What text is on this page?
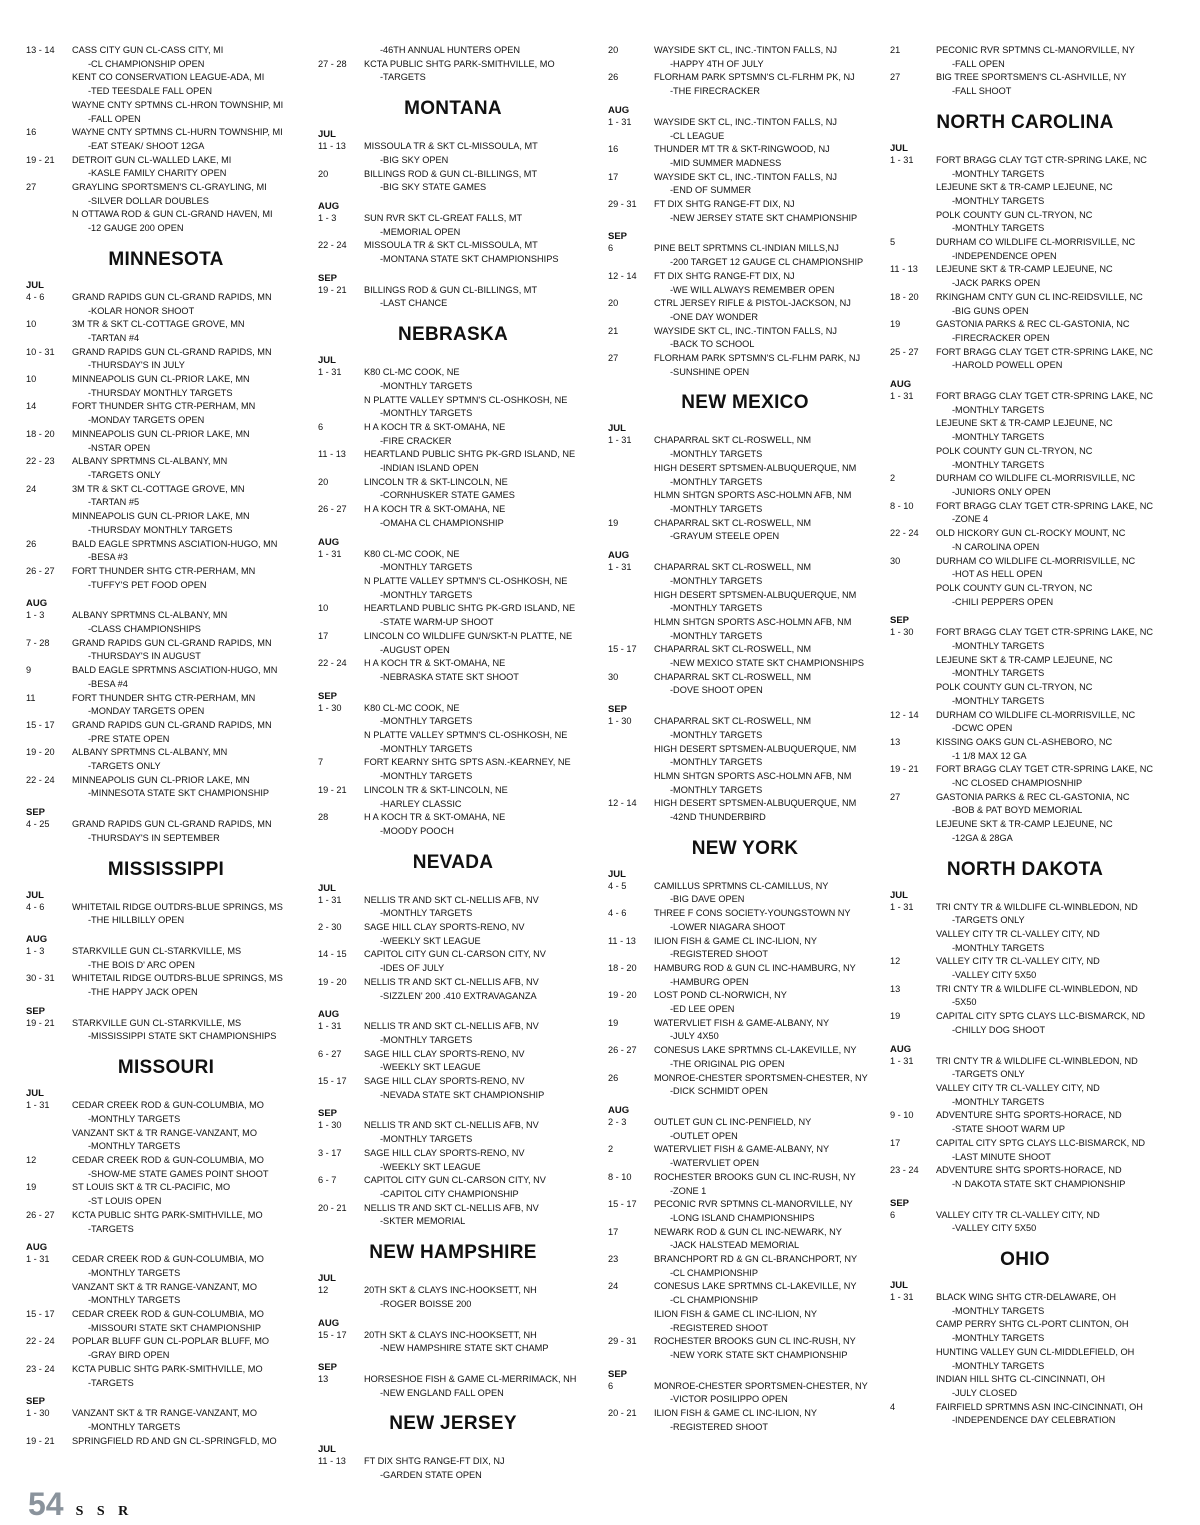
13 - 14	CASS CITY GUN CL-CASS CITY, MI
-CL CHAMPIONSHIP OPEN
KENT CO CONSERVATION LEAGUE-ADA, MI
-TED TEESDALE FALL OPEN
WAYNE CNTY SPTMNS CL-HRON TOWNSHIP, MI
-FALL OPEN
16	WAYNE CNTY SPTMNS CL-HURN TOWNSHIP, MI
-EAT STEAK/ SHOOT 12GA
19 - 21	DETROIT GUN CL-WALLED LAKE, MI
-KASLE FAMILY CHARITY OPEN
27	GRAYLING SPORTSMEN'S CL-GRAYLING, MI
-SILVER DOLLAR DOUBLES
N OTTAWA ROD & GUN CL-GRAND HAVEN, MI
-12 GAUGE 200 OPEN
MINNESOTA
JUL
4 - 6	GRAND RAPIDS GUN CL-GRAND RAPIDS, MN
-KOLAR HONOR SHOOT
10	3M TR & SKT CL-COTTAGE GROVE, MN
-TARTAN #4
10 - 31	GRAND RAPIDS GUN CL-GRAND RAPIDS, MN
-THURSDAY'S IN JULY
10	MINNEAPOLIS GUN CL-PRIOR LAKE, MN
-THURSDAY MONTHLY TARGETS
14	FORT THUNDER SHTG CTR-PERHAM, MN
-MONDAY TARGETS OPEN
18 - 20	MINNEAPOLIS GUN CL-PRIOR LAKE, MN
-NSTAR OPEN
22 - 23	ALBANY SPRTMNS CL-ALBANY, MN
-TARGETS ONLY
24	3M TR & SKT CL-COTTAGE GROVE, MN
-TARTAN #5
MINNEAPOLIS GUN CL-PRIOR LAKE, MN
-THURSDAY MONTHLY TARGETS
26	BALD EAGLE SPRTMNS ASCIATION-HUGO, MN
-BESA #3
26 - 27	FORT THUNDER SHTG CTR-PERHAM, MN
-TUFFY'S PET FOOD OPEN
AUG
1 - 3	ALBANY SPRTMNS CL-ALBANY, MN
-CLASS CHAMPIONSHIPS
7 - 28	GRAND RAPIDS GUN CL-GRAND RAPIDS, MN
-THURSDAY'S IN AUGUST
9	BALD EAGLE SPRTMNS ASCIATION-HUGO, MN
-BESA #4
11	FORT THUNDER SHTG CTR-PERHAM, MN
-MONDAY TARGETS OPEN
15 - 17	GRAND RAPIDS GUN CL-GRAND RAPIDS, MN
-PRE STATE OPEN
19 - 20	ALBANY SPRTMNS CL-ALBANY, MN
-TARGETS ONLY
22 - 24	MINNEAPOLIS GUN CL-PRIOR LAKE, MN
-MINNESOTA STATE SKT CHAMPIONSHIP
SEP
4 - 25	GRAND RAPIDS GUN CL-GRAND RAPIDS, MN
-THURSDAY'S IN SEPTEMBER
MISSISSIPPI
JUL
4 - 6	WHITETAIL RIDGE OUTDRS-BLUE SPRINGS, MS
-THE HILLBILLY OPEN
AUG
1 - 3	STARKVILLE GUN CL-STARKVILLE, MS
-THE BOIS D' ARC OPEN
30 - 31	WHITETAIL RIDGE OUTDRS-BLUE SPRINGS, MS
-THE HAPPY JACK OPEN
SEP
19 - 21	STARKVILLE GUN CL-STARKVILLE, MS
-MISSISSIPPI STATE SKT CHAMPIONSHIPS
MISSOURI
JUL
1 - 31	CEDAR CREEK ROD & GUN-COLUMBIA, MO
-MONTHLY TARGETS
VANZANT SKT & TR RANGE-VANZANT, MO
-MONTHLY TARGETS
12	CEDAR CREEK ROD & GUN-COLUMBIA, MO
-SHOW-ME STATE GAMES POINT SHOOT
19	ST LOUIS SKT & TR CL-PACIFIC, MO
-ST LOUIS OPEN
26 - 27	KCTA PUBLIC SHTG PARK-SMITHVILLE, MO
-TARGETS
AUG
1 - 31	CEDAR CREEK ROD & GUN-COLUMBIA, MO
-MONTHLY TARGETS
VANZANT SKT & TR RANGE-VANZANT, MO
-MONTHLY TARGETS
15 - 17	CEDAR CREEK ROD & GUN-COLUMBIA, MO
-MISSOURI STATE SKT CHAMPIONSHIP
22 - 24	POPLAR BLUFF GUN CL-POPLAR BLUFF, MO
-GRAY BIRD OPEN
23 - 24	KCTA PUBLIC SHTG PARK-SMITHVILLE, MO
-TARGETS
SEP
1 - 30	VANZANT SKT & TR RANGE-VANZANT, MO
-MONTHLY TARGETS
19 - 21	SPRINGFIELD RD AND GN CL-SPRINGFLD, MO
-46TH ANNUAL HUNTERS OPEN
27 - 28	KCTA PUBLIC SHTG PARK-SMITHVILLE, MO
-TARGETS
MONTANA
JUL
11 - 13	MISSOULA TR & SKT CL-MISSOULA, MT
-BIG SKY OPEN
20	BILLINGS ROD & GUN CL-BILLINGS, MT
-BIG SKY STATE GAMES
AUG
1 - 3	SUN RVR SKT CL-GREAT FALLS, MT
-MEMORIAL OPEN
22 - 24	MISSOULA TR & SKT CL-MISSOULA, MT
-MONTANA STATE SKT CHAMPIONSHIPS
SEP
19 - 21	BILLINGS ROD & GUN CL-BILLINGS, MT
-LAST CHANCE
NEBRASKA
JUL
1 - 31	K80 CL-MC COOK, NE
-MONTHLY TARGETS
N PLATTE VALLEY SPTMN'S CL-OSHKOSH, NE
-MONTHLY TARGETS
6	H A KOCH TR & SKT-OMAHA, NE
-FIRE CRACKER
11 - 13	HEARTLAND PUBLIC SHTG PK-GRD ISLAND, NE
-INDIAN ISLAND OPEN
20	LINCOLN TR & SKT-LINCOLN, NE
-CORNHUSKER STATE GAMES
26 - 27	H A KOCH TR & SKT-OMAHA, NE
-OMAHA CL CHAMPIONSHIP
AUG
1 - 31	K80 CL-MC COOK, NE
-MONTHLY TARGETS
N PLATTE VALLEY SPTMN'S CL-OSHKOSH, NE
-MONTHLY TARGETS
10	HEARTLAND PUBLIC SHTG PK-GRD ISLAND, NE
-STATE WARM-UP SHOOT
17	LINCOLN CO WILDLIFE GUN/SKT-N PLATTE, NE
-AUGUST OPEN
22 - 24	H A KOCH TR & SKT-OMAHA, NE
-NEBRASKA STATE SKT SHOOT
SEP
1 - 30	K80 CL-MC COOK, NE
-MONTHLY TARGETS
N PLATTE VALLEY SPTMN'S CL-OSHKOSH, NE
-MONTHLY TARGETS
7	FORT KEARNY SHTG SPTS ASN.-KEARNEY, NE
-MONTHLY TARGETS
19 - 21	LINCOLN TR & SKT-LINCOLN, NE
-HARLEY CLASSIC
28	H A KOCH TR & SKT-OMAHA, NE
-MOODY POOCH
NEVADA
JUL
1 - 31	NELLIS TR AND SKT CL-NELLIS AFB, NV
-MONTHLY TARGETS
2 - 30	SAGE HILL CLAY SPORTS-RENO, NV
-WEEKLY SKT LEAGUE
14 - 15	CAPITOL CITY GUN CL-CARSON CITY, NV
-IDES OF JULY
19 - 20	NELLIS TR AND SKT CL-NELLIS AFB, NV
-SIZZLEN' 200 .410 EXTRAVAGANZA
AUG
1 - 31	NELLIS TR AND SKT CL-NELLIS AFB, NV
-MONTHLY TARGETS
6 - 27	SAGE HILL CLAY SPORTS-RENO, NV
-WEEKLY SKT LEAGUE
15 - 17	SAGE HILL CLAY SPORTS-RENO, NV
-NEVADA STATE SKT CHAMPIONSHIP
SEP
1 - 30	NELLIS TR AND SKT CL-NELLIS AFB, NV
-MONTHLY TARGETS
3 - 17	SAGE HILL CLAY SPORTS-RENO, NV
-WEEKLY SKT LEAGUE
6 - 7	CAPITOL CITY GUN CL-CARSON CITY, NV
-CAPITOL CITY CHAMPIONSHIP
20 - 21	NELLIS TR AND SKT CL-NELLIS AFB, NV
-SKTER MEMORIAL
NEW HAMPSHIRE
JUL
12	20TH SKT & CLAYS INC-HOOKSETT, NH
-ROGER BOISSE 200
AUG
15 - 17	20TH SKT & CLAYS INC-HOOKSETT, NH
-NEW HAMPSHIRE STATE SKT CHAMP
SEP
13	HORSESHOE FISH & GAME CL-MERRIMACK, NH
-NEW ENGLAND FALL OPEN
NEW JERSEY
JUL
11 - 13	FT DIX SHTG RANGE-FT DIX, NJ
-GARDEN STATE OPEN
20	WAYSIDE SKT CL, INC.-TINTON FALLS, NJ
-HAPPY 4TH OF JULY
26	FLORHAM PARK SPTSMN'S CL-FLRHM PK, NJ
-THE FIRECRACKER
AUG
1 - 31	WAYSIDE SKT CL, INC.-TINTON FALLS, NJ
-CL LEAGUE
16	THUNDER MT TR & SKT-RINGWOOD, NJ
-MID SUMMER MADNESS
17	WAYSIDE SKT CL, INC.-TINTON FALLS, NJ
-END OF SUMMER
29 - 31	FT DIX SHTG RANGE-FT DIX, NJ
-NEW JERSEY STATE SKT CHAMPIONSHIP
SEP
6	PINE BELT SPRTMNS CL-INDIAN MILLS,NJ
-200 TARGET 12 GAUGE CL CHAMPIONSHIP
12 - 14	FT DIX SHTG RANGE-FT DIX, NJ
-WE WILL ALWAYS REMEMBER OPEN
20	CTRL JERSEY RIFLE & PISTOL-JACKSON, NJ
-ONE DAY WONDER
21	WAYSIDE SKT CL, INC.-TINTON FALLS, NJ
-BACK TO SCHOOL
27	FLORHAM PARK SPTSMN'S CL-FLHM PARK, NJ
-SUNSHINE OPEN
NEW MEXICO
JUL
1 - 31	CHAPARRAL SKT CL-ROSWELL, NM
-MONTHLY TARGETS
HIGH DESERT SPTSMEN-ALBUQUERQUE, NM
-MONTHLY TARGETS
HLMN SHTGN SPORTS ASC-HOLMN AFB, NM
-MONTHLY TARGETS
19	CHAPARRAL SKT CL-ROSWELL, NM
-GRAYUM STEELE OPEN
AUG
1 - 31	CHAPARRAL SKT CL-ROSWELL, NM
-MONTHLY TARGETS
HIGH DESERT SPTSMEN-ALBUQUERQUE, NM
-MONTHLY TARGETS
HLMN SHTGN SPORTS ASC-HOLMN AFB, NM
-MONTHLY TARGETS
15 - 17	CHAPARRAL SKT CL-ROSWELL, NM
-NEW MEXICO STATE SKT CHAMPIONSHIPS
30	CHAPARRAL SKT CL-ROSWELL, NM
-DOVE SHOOT OPEN
SEP
1 - 30	CHAPARRAL SKT CL-ROSWELL, NM
-MONTHLY TARGETS
HIGH DESERT SPTSMEN-ALBUQUERQUE, NM
-MONTHLY TARGETS
HLMN SHTGN SPORTS ASC-HOLMN AFB, NM
-MONTHLY TARGETS
12 - 14	HIGH DESERT SPTSMEN-ALBUQUERQUE, NM
-42ND THUNDERBIRD
NEW YORK
JUL
4 - 5	CAMILLUS SPRTMNS CL-CAMILLUS, NY
-BIG DAVE OPEN
4 - 6	THREE F CONS SOCIETY-YOUNGSTOWN NY
-LOWER NIAGARA SHOOT
11 - 13	ILION FISH & GAME CL INC-ILION, NY
-REGISTERED SHOOT
18 - 20	HAMBURG ROD & GUN CL INC-HAMBURG, NY
-HAMBURG OPEN
19 - 20	LOST POND CL-NORWICH, NY
-ED LEE OPEN
19	WATERVLIET FISH & GAME-ALBANY, NY
-JULY 4X50
26 - 27	CONESUS LAKE SPRTMNS CL-LAKEVILLE, NY
-THE ORIGINAL PIG OPEN
26	MONROE-CHESTER SPORTSMEN-CHESTER, NY
-DICK SCHMIDT OPEN
AUG
2 - 3	OUTLET GUN CL INC-PENFIELD, NY
-OUTLET OPEN
2	WATERVLIET FISH & GAME-ALBANY, NY
-WATERVLIET OPEN
8 - 10	ROCHESTER BROOKS GUN CL INC-RUSH, NY
-ZONE 1
15 - 17	PECONIC RVR SPTMNS CL-MANORVILLE, NY
-LONG ISLAND CHAMPIONSHIPS
17	NEWARK ROD & GUN CL INC-NEWARK, NY
-JACK HALSTEAD MEMORIAL
23	BRANCHPORT RD & GN CL-BRANCHPORT, NY
-CL CHAMPIONSHIP
24	CONESUS LAKE SPRTMNS CL-LAKEVILLE, NY
-CL CHAMPIONSHIP
ILION FISH & GAME CL INC-ILION, NY
-REGISTERED SHOOT
29 - 31	ROCHESTER BROOKS GUN CL INC-RUSH, NY
-NEW YORK STATE SKT CHAMPIONSHIP
SEP
6	MONROE-CHESTER SPORTSMEN-CHESTER, NY
-VICTOR POSILIPPO OPEN
20 - 21	ILION FISH & GAME CL INC-ILION, NY
-REGISTERED SHOOT
21	PECONIC RVR SPTMNS CL-MANORVILLE, NY
-FALL OPEN
27	BIG TREE SPORTSMEN'S CL-ASHVILLE, NY
-FALL SHOOT
NORTH CAROLINA
JUL
1 - 31	FORT BRAGG CLAY TGT CTR-SPRING LAKE, NC
-MONTHLY TARGETS
LEJEUNE SKT & TR-CAMP LEJEUNE, NC
-MONTHLY TARGETS
POLK COUNTY GUN CL-TRYON, NC
-MONTHLY TARGETS
5	DURHAM CO WILDLIFE CL-MORRISVILLE, NC
-INDEPENDENCE OPEN
11 - 13	LEJEUNE SKT & TR-CAMP LEJEUNE, NC
-JACK PARKS OPEN
18 - 20	RKINGHAM CNTY GUN CL INC-REIDSVILLE, NC
-BIG GUNS OPEN
19	GASTONIA PARKS & REC CL-GASTONIA, NC
-FIRECRACKER OPEN
25 - 27	FORT BRAGG CLAY TGET CTR-SPRING LAKE, NC
-HAROLD POWELL OPEN
AUG
1 - 31	FORT BRAGG CLAY TGET CTR-SPRING LAKE, NC
-MONTHLY TARGETS
LEJEUNE SKT & TR-CAMP LEJEUNE, NC
-MONTHLY TARGETS
POLK COUNTY GUN CL-TRYON, NC
-MONTHLY TARGETS
2	DURHAM CO WILDLIFE CL-MORRISVILLE, NC
-JUNIORS ONLY OPEN
8 - 10	FORT BRAGG CLAY TGET CTR-SPRING LAKE, NC
-ZONE 4
22 - 24	OLD HICKORY GUN CL-ROCKY MOUNT, NC
-N CAROLINA OPEN
30	DURHAM CO WILDLIFE CL-MORRISVILLE, NC
-HOT AS HELL OPEN
POLK COUNTY GUN CL-TRYON, NC
-CHILI PEPPERS OPEN
SEP
1 - 30	FORT BRAGG CLAY TGET CTR-SPRING LAKE, NC
-MONTHLY TARGETS
LEJEUNE SKT & TR-CAMP LEJEUNE, NC
-MONTHLY TARGETS
POLK COUNTY GUN CL-TRYON, NC
-MONTHLY TARGETS
12 - 14	DURHAM CO WILDLIFE CL-MORRISVILLE, NC
-DCWC OPEN
13	KISSING OAKS GUN CL-ASHEBORO, NC
-1 1/8 MAX 12 GA
19 - 21	FORT BRAGG CLAY TGET CTR-SPRING LAKE, NC
-NC CLOSED CHAMPIOSNHIP
27	GASTONIA PARKS & REC CL-GASTONIA, NC
-BOB & PAT BOYD MEMORIAL
LEJEUNE SKT & TR-CAMP LEJEUNE, NC
-12GA & 28GA
NORTH DAKOTA
JUL
1 - 31	TRI CNTY TR & WILDLIFE CL-WINBLEDON, ND
-TARGETS ONLY
VALLEY CITY TR CL-VALLEY CITY, ND
-MONTHLY TARGETS
12	VALLEY CITY TR CL-VALLEY CITY, ND
-VALLEY CITY 5X50
13	TRI CNTY TR & WILDLIFE CL-WINBLEDON, ND
-5X50
19	CAPITAL CITY SPTG CLAYS LLC-BISMARCK, ND
-CHILLY DOG SHOOT
AUG
1 - 31	TRI CNTY TR & WILDLIFE CL-WINBLEDON, ND
-TARGETS ONLY
VALLEY CITY TR CL-VALLEY CITY, ND
-MONTHLY TARGETS
9 - 10	ADVENTURE SHTG SPORTS-HORACE, ND
-STATE SHOOT WARM UP
17	CAPITAL CITY SPTG CLAYS LLC-BISMARCK, ND
-LAST MINUTE SHOOT
23 - 24	ADVENTURE SHTG SPORTS-HORACE, ND
-N DAKOTA STATE SKT CHAMPIONSHIP
SEP
6	VALLEY CITY TR CL-VALLEY CITY, ND
-VALLEY CITY 5X50
OHIO
JUL
1 - 31	BLACK WING SHTG CTR-DELAWARE, OH
-MONTHLY TARGETS
CAMP PERRY SHTG CL-PORT CLINTON, OH
-MONTHLY TARGETS
HUNTING VALLEY GUN CL-MIDDLEFIELD, OH
-MONTHLY TARGETS
INDIAN HILL SHTG CL-CINCINNATI, OH
-JULY CLOSED
4	FAIRFIELD SPRTMNS ASN INC-CINCINNATI, OH
-INDEPENDENCE DAY CELEBRATION
54 S S R
